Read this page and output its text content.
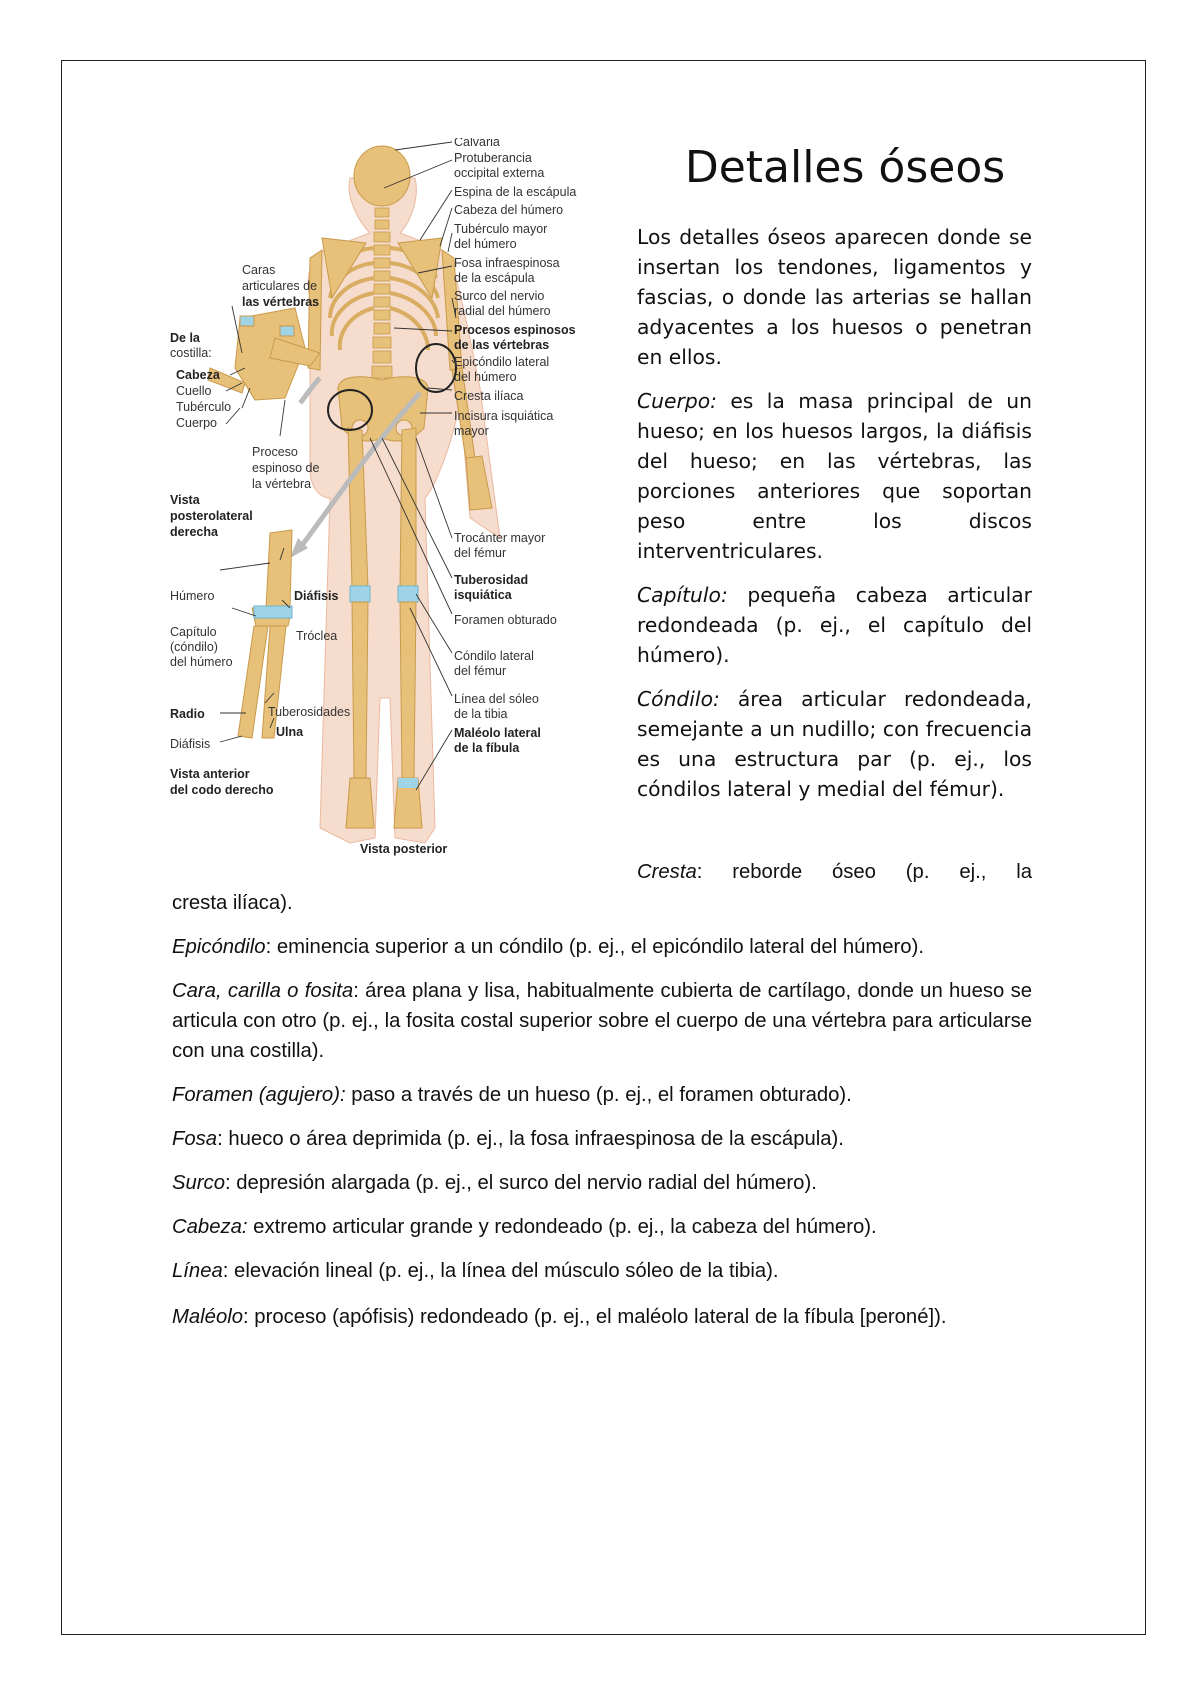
Calvaria
Protuberancia
occipital externa
Espina de la escápula
Cabeza del húmero
Tubérculo mayor
del húmero
Fosa infraespinosa
de la escápula
Surco del nervio
radial del húmero
Procesos espinosos
de las vértebras
Epicóndilo lateral
del húmero
Cresta ilíaca
Incisura isquiática
mayor
Trocánter mayor
del fémur
Tuberosidad
isquiática
Foramen obturado
Cóndilo lateral
del fémur
Línea del sóleo
de la tibia
Maléolo lateral
de la fíbula
Vista posterior
Caras
articulares de
las vértebras
De la
costilla:
Cabeza
Cuello
Tubérculo
Cuerpo
Proceso
espinoso de
la vértebra
Vista
posterolateral
derecha
Húmero	Diáfisis
Capítulo
(cóndilo)
del húmero
Tróclea
Radio	Tuberosidades
Ulna
Diáfisis
Vista anterior
del codo derecho
Detalles óseos

Los detalles óseos aparecen donde se insertan los tendones, ligamentos y fascias, o donde las arterias se hallan adyacentes a los huesos o penetran en ellos.

Cuerpo: es la masa principal de un hueso; en los huesos largos, la diáfisis del hueso; en las vértebras, las porciones anteriores que soportan peso entre los discos interventriculares.

Capítulo: pequeña cabeza articular redondeada (p. ej., el capítulo del húmero).

Cóndilo: área articular redondeada, semejante a un nudillo; con frecuencia es una estructura par (p. ej., los cóndilos lateral y medial del fémur).

Cresta: reborde óseo (p. ej., la

cresta ilíaca).

Epicóndilo: eminencia superior a un cóndilo (p. ej., el epicóndilo lateral del húmero).

Cara, carilla o fosita: área plana y lisa, habitualmente cubierta de cartílago, donde un hueso se articula con otro (p. ej., la fosita costal superior sobre el cuerpo de una vértebra para articularse con una costilla).

Foramen (agujero): paso a través de un hueso (p. ej., el foramen obturado).

Fosa: hueco o área deprimida (p. ej., la fosa infraespinosa de la escápula).

Surco: depresión alargada (p. ej., el surco del nervio radial del húmero).

Cabeza: extremo articular grande y redondeado (p. ej., la cabeza del húmero).

Línea: elevación lineal (p. ej., la línea del músculo sóleo de la tibia).

Maléolo: proceso (apófisis) redondeado (p. ej., el maléolo lateral de la fíbula [peroné]).
